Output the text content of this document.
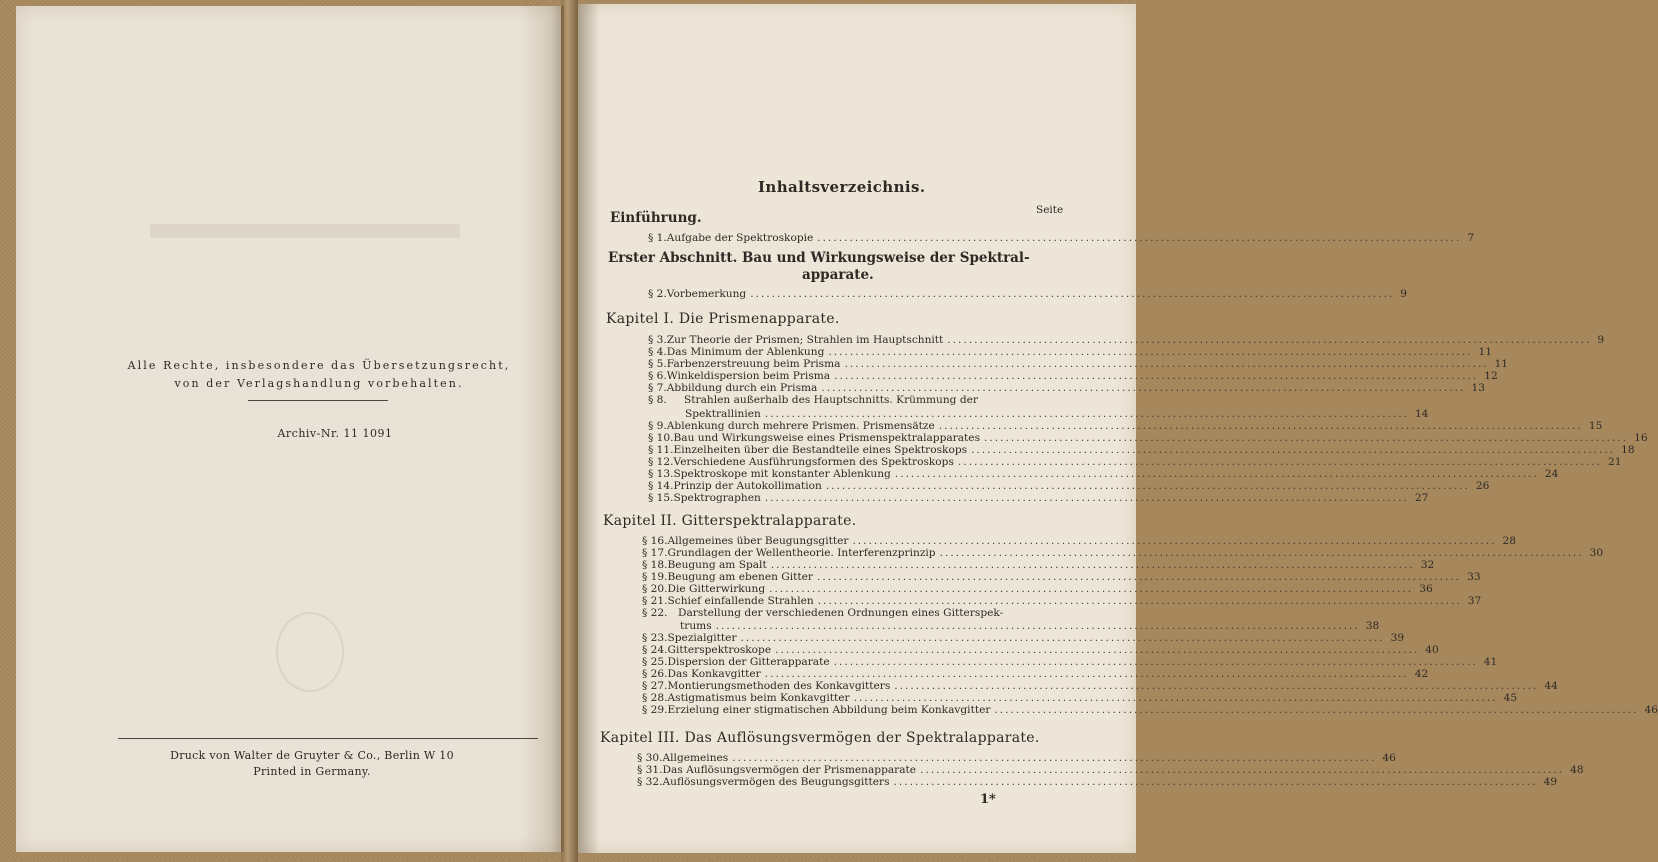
Alle Rechte, insbesondere das Übersetzungsrecht,
von der Verlagshandlung vorbehalten.
Archiv-Nr. 11 1091
Druck von Walter de Gruyter & Co., Berlin W 10
Printed in Germany.
Inhaltsverzeichnis.
Seite
Einführung.
Erster Abschnitt. Bau und Wirkungsweise der Spektral-
apparate.
Kapitel I. Die Prismenapparate.
Kapitel II. Gitterspektralapparate.
Kapitel III. Das Auflösungsvermögen der Spektralapparate.
§ 1. Aufgabe der Spektroskopie ........................................................................................................................ 7
§ 2. Vorbemerkung ........................................................................................................................ 9
§ 3. Zur Theorie der Prismen; Strahlen im Hauptschnitt ........................................................................................................................ 9
§ 4. Das Minimum der Ablenkung ........................................................................................................................ 11
§ 5. Farbenzerstreuung beim Prisma ........................................................................................................................ 11
§ 6. Winkeldispersion beim Prisma ........................................................................................................................ 12
§ 7. Abbildung durch ein Prisma ........................................................................................................................ 13
§ 8.	Strahlen außerhalb des Hauptschnitts. Krümmung der
Spektrallinien ........................................................................................................................ 14
§ 9. Ablenkung durch mehrere Prismen. Prismensätze ........................................................................................................................ 15
§ 10. Bau und Wirkungsweise eines Prismenspektralapparates ........................................................................................................................ 16
§ 11. Einzelheiten über die Bestandteile eines Spektroskops ........................................................................................................................ 18
§ 12. Verschiedene Ausführungsformen des Spektroskops ........................................................................................................................ 21
§ 13. Spektroskope mit konstanter Ablenkung ........................................................................................................................ 24
§ 14. Prinzip der Autokollimation ........................................................................................................................ 26
§ 15. Spektrographen ........................................................................................................................ 27
§ 16. Allgemeines über Beugungsgitter ........................................................................................................................ 28
§ 17. Grundlagen der Wellentheorie. Interferenzprinzip ........................................................................................................................ 30
§ 18. Beugung am Spalt ........................................................................................................................ 32
§ 19. Beugung am ebenen Gitter ........................................................................................................................ 33
§ 20. Die Gitterwirkung ........................................................................................................................ 36
§ 21. Schief einfallende Strahlen ........................................................................................................................ 37
§ 22. Darstellung der verschiedenen Ordnungen eines Gitterspek-
trums ........................................................................................................................ 38
§ 23. Spezialgitter ........................................................................................................................ 39
§ 24. Gitterspektroskope ........................................................................................................................ 40
§ 25. Dispersion der Gitterapparate ........................................................................................................................ 41
§ 26. Das Konkavgitter ........................................................................................................................ 42
§ 27. Montierungsmethoden des Konkavgitters ........................................................................................................................ 44
§ 28. Astigmatismus beim Konkavgitter ........................................................................................................................ 45
§ 29. Erzielung einer stigmatischen Abbildung beim Konkavgitter ........................................................................................................................ 46
§ 30. Allgemeines ........................................................................................................................ 46
§ 31. Das Auflösungsvermögen der Prismenapparate ........................................................................................................................ 48
§ 32. Auflösungsvermögen des Beugungsgitters ........................................................................................................................ 49
1*
